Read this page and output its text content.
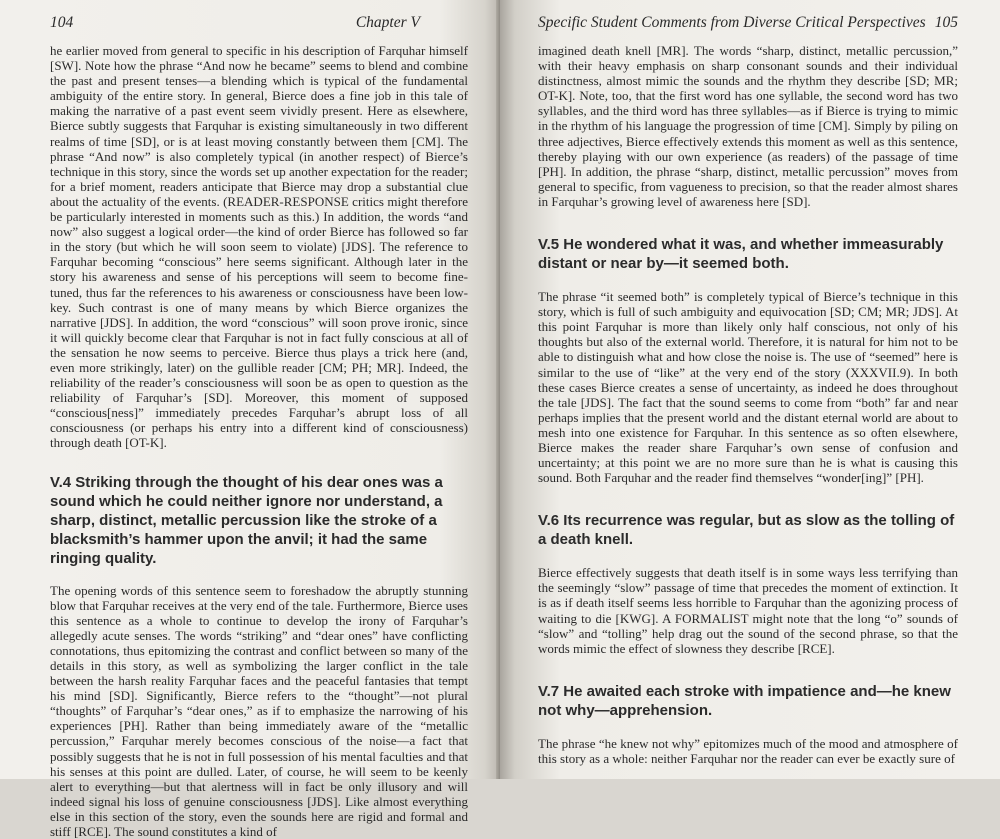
104	Chapter V

he earlier moved from general to specific in his description of Farquhar himself [SW]. Note how the phrase “And now he became” seems to blend and combine the past and present tenses—a blending which is typical of the fundamental ambiguity of the entire story. In general, Bierce does a fine job in this tale of making the narrative of a past event seem vividly present. Here as elsewhere, Bierce subtly suggests that Farquhar is existing simultaneously in two different realms of time [SD], or is at least moving constantly between them [CM]. The phrase “And now” is also completely typical (in another respect) of Bierce’s technique in this story, since the words set up another expectation for the reader; for a brief moment, readers anticipate that Bierce may drop a substantial clue about the actuality of the events. (READER-RESPONSE critics might therefore be particularly interested in moments such as this.) In addition, the words “and now” also suggest a logical order—the kind of order Bierce has followed so far in the story (but which he will soon seem to violate) [JDS]. The reference to Farquhar becoming “conscious” here seems significant. Although later in the story his awareness and sense of his perceptions will seem to become fine-tuned, thus far the references to his awareness or consciousness have been low-key. Such contrast is one of many means by which Bierce organizes the narrative [JDS]. In addition, the word “conscious” will soon prove ironic, since it will quickly become clear that Farquhar is not in fact fully conscious at all of the sensation he now seems to perceive. Bierce thus plays a trick here (and, even more strikingly, later) on the gullible reader [CM; PH; MR]. Indeed, the reliability of the reader’s consciousness will soon be as open to question as the reliability of Farquhar’s [SD]. Moreover, this moment of supposed “conscious[ness]” immediately precedes Farquhar’s abrupt loss of all consciousness (or perhaps his entry into a different kind of consciousness) through death [OT-K].

V.4 Striking through the thought of his dear ones was a sound which he could neither ignore nor understand, a sharp, distinct, metallic percussion like the stroke of a blacksmith’s hammer upon the anvil; it had the same ringing quality.

The opening words of this sentence seem to foreshadow the abruptly stunning blow that Farquhar receives at the very end of the tale. Furthermore, Bierce uses this sentence as a whole to continue to develop the irony of Farquhar’s allegedly acute senses. The words “striking” and “dear ones” have conflicting connotations, thus epitomizing the contrast and conflict between so many of the details in this story, as well as symbolizing the larger conflict in the tale between the harsh reality Farquhar faces and the peaceful fantasies that tempt his mind [SD]. Significantly, Bierce refers to the “thought”—not plural “thoughts” of Farquhar’s “dear ones,” as if to emphasize the narrowing of his experiences [PH]. Rather than being immediately aware of the “metallic percussion,” Farquhar merely becomes conscious of the noise—a fact that possibly suggests that he is not in full possession of his mental faculties and that his senses at this point are dulled. Later, of course, he will seem to be keenly alert to everything—but that alertness will in fact be only illusory and will indeed signal his loss of genuine consciousness [JDS]. Like almost everything else in this section of the story, even the sounds here are rigid and formal and stiff [RCE]. The sound constitutes a kind of

Specific Student Comments from Diverse Critical Perspectives 105

imagined death knell [MR]. The words “sharp, distinct, metallic percussion,” with their heavy emphasis on sharp consonant sounds and their individual distinctness, almost mimic the sounds and the rhythm they describe [SD; MR; OT-K]. Note, too, that the first word has one syllable, the second word has two syllables, and the third word has three syllables—as if Bierce is trying to mimic in the rhythm of his language the progression of time [CM]. Simply by piling on three adjectives, Bierce effectively extends this moment as well as this sentence, thereby playing with our own experience (as readers) of the passage of time [PH]. In addition, the phrase “sharp, distinct, metallic percussion” moves from general to specific, from vagueness to precision, so that the reader almost shares in Farquhar’s growing level of awareness here [SD].

V.5 He wondered what it was, and whether immeasurably distant or near by—it seemed both.

The phrase “it seemed both” is completely typical of Bierce’s technique in this story, which is full of such ambiguity and equivocation [SD; CM; MR; JDS]. At this point Farquhar is more than likely only half conscious, not only of his thoughts but also of the external world. Therefore, it is natural for him not to be able to distinguish what and how close the noise is. The use of “seemed” here is similar to the use of “like” at the very end of the story (XXXVII.9). In both these cases Bierce creates a sense of uncertainty, as indeed he does throughout the tale [JDS]. The fact that the sound seems to come from “both” far and near perhaps implies that the present world and the distant eternal world are about to mesh into one existence for Farquhar. In this sentence as so often elsewhere, Bierce makes the reader share Farquhar’s own sense of confusion and uncertainty; at this point we are no more sure than he is what is causing this sound. Both Farquhar and the reader find themselves “wonder[ing]” [PH].

V.6 Its recurrence was regular, but as slow as the tolling of a death knell.

Bierce effectively suggests that death itself is in some ways less terrifying than the seemingly “slow” passage of time that precedes the moment of extinction. It is as if death itself seems less horrible to Farquhar than the agonizing process of waiting to die [KWG]. A FORMALIST might note that the long “o” sounds of “slow” and “tolling” help drag out the sound of the second phrase, so that the words mimic the effect of slowness they describe [RCE].

V.7 He awaited each stroke with impatience and—he knew not why—apprehension.

The phrase “he knew not why” epitomizes much of the mood and atmosphere of this story as a whole: neither Farquhar nor the reader can ever be exactly sure of
